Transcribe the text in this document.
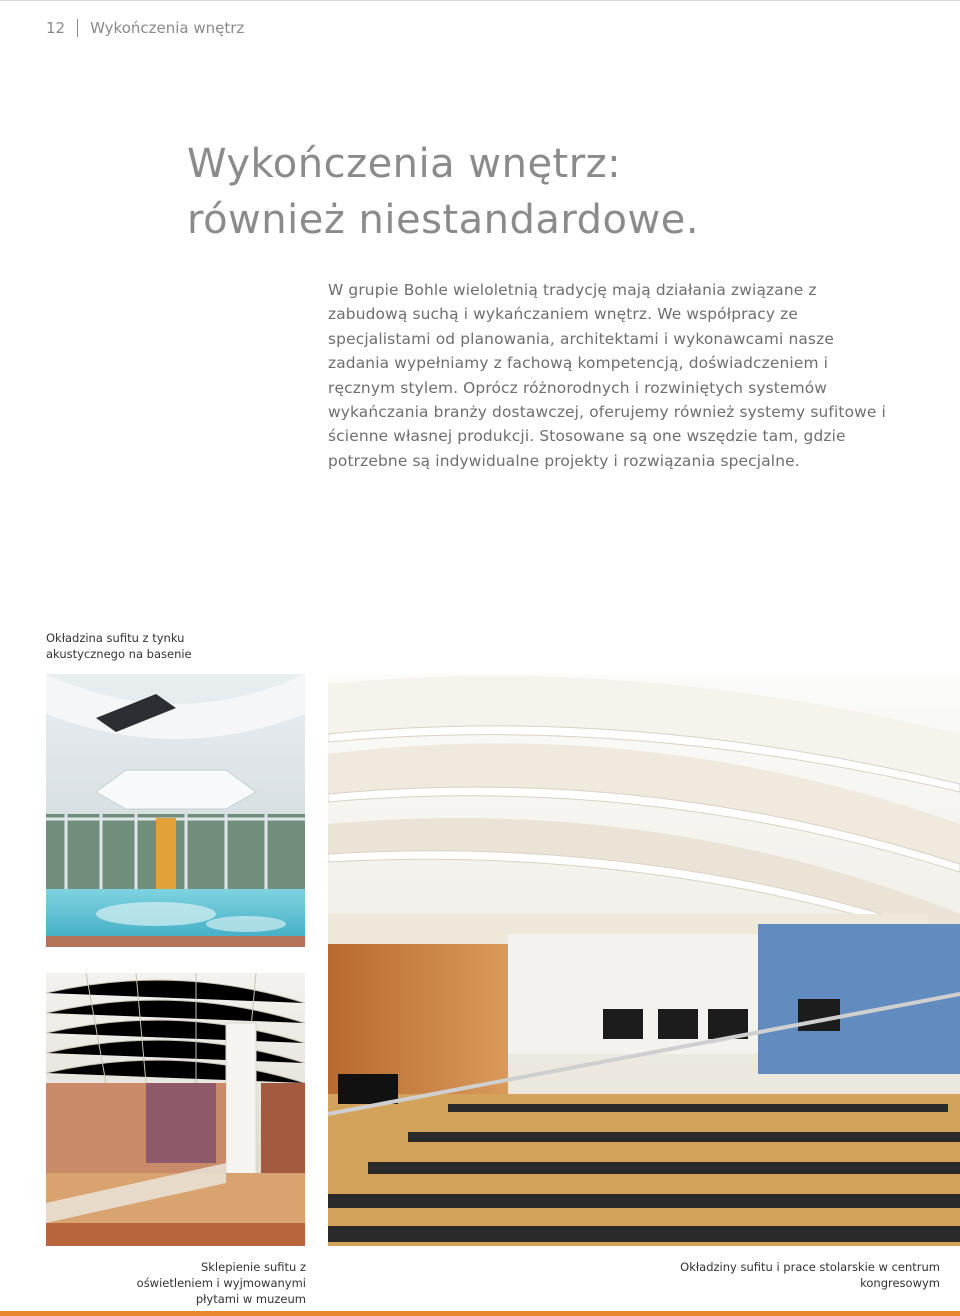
12 Wykończenia wnętrz
Wykończenia wnętrz:
również niestandardowe.

W grupie Bohle wieloletnią tradycję mają działania związane z zabudową suchą i wykańczaniem wnętrz. We współpracy ze specjalistami od planowania, architektami i wykonawcami nasze zadania wypełniamy z fachową kompetencją, doświadczeniem i ręcznym stylem. Oprócz różnorodnych i rozwiniętych systemów wykańczania branży dostawczej, oferujemy również systemy sufitowe i ścienne własnej produkcji. Stosowane są one wszędzie tam, gdzie potrzebne są indywidualne projekty i rozwiązania specjalne.

Okładzina sufitu z tynku akustycznego na basenie
Sklepienie sufitu z oświetleniem i wyjmowanymi płytami w muzeum
Okładziny sufitu i prace stolarskie w centrum kongresowym
